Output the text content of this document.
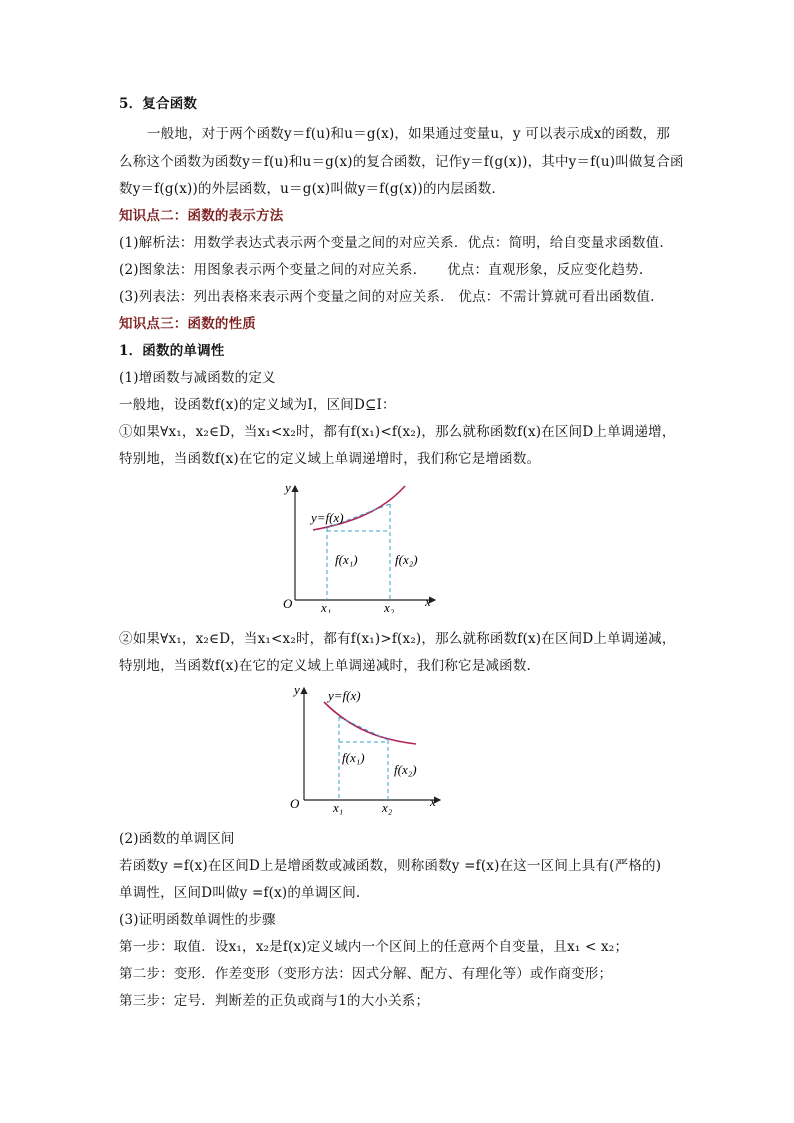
5．复合函数
一般地，对于两个函数y＝f(u)和u＝g(x)，如果通过变量u，y 可以表示成x的函数，那
么称这个函数为函数y＝f(u)和u＝g(x)的复合函数，记作y＝f(g(x))，其中y＝f(u)叫做复合函
数y＝f(g(x))的外层函数，u＝g(x)叫做y＝f(g(x))的内层函数．
知识点二：函数的表示方法
(1)解析法：用数学表达式表示两个变量之间的对应关系．优点：简明，给自变量求函数值.
(2)图象法：用图象表示两个变量之间的对应关系．　　优点：直观形象，反应变化趋势.
(3)列表法：列出表格来表示两个变量之间的对应关系． 优点：不需计算就可看出函数值.
知识点三：函数的性质
1．函数的单调性
(1)增函数与减函数的定义
一般地，设函数f(x)的定义域为I，区间D⊆I：
①如果∀x₁，x₂∈D，当x₁<x₂时，都有f(x₁)<f(x₂)，那么就称函数f(x)在区间D上单调递增，
特别地，当函数f(x)在它的定义域上单调递增时，我们称它是增函数。
y
x
O
y=f(x)
f(x₁)	f(x₂)
x₁	x₂
②如果∀x₁，x₂∈D，当x₁<x₂时，都有f(x₁)>f(x₂)，那么就称函数f(x)在区间D上单调递减，
特别地，当函数f(x)在它的定义域上单调递减时，我们称它是减函数.
y
x
O
y=f(x)
f(x₁)
f(x₂)
x₁	x₂
(2)函数的单调区间
若函数y =f(x)在区间D上是增函数或减函数，则称函数y =f(x)在这一区间上具有(严格的)
单调性，区间D叫做y =f(x)的单调区间.
(3)证明函数单调性的步骤
第一步：取值．设x₁，x₂是f(x)定义域内一个区间上的任意两个自变量，且x₁ < x₂；
第二步：变形．作差变形（变形方法：因式分解、配方、有理化等）或作商变形；
第三步：定号．判断差的正负或商与1的大小关系；
